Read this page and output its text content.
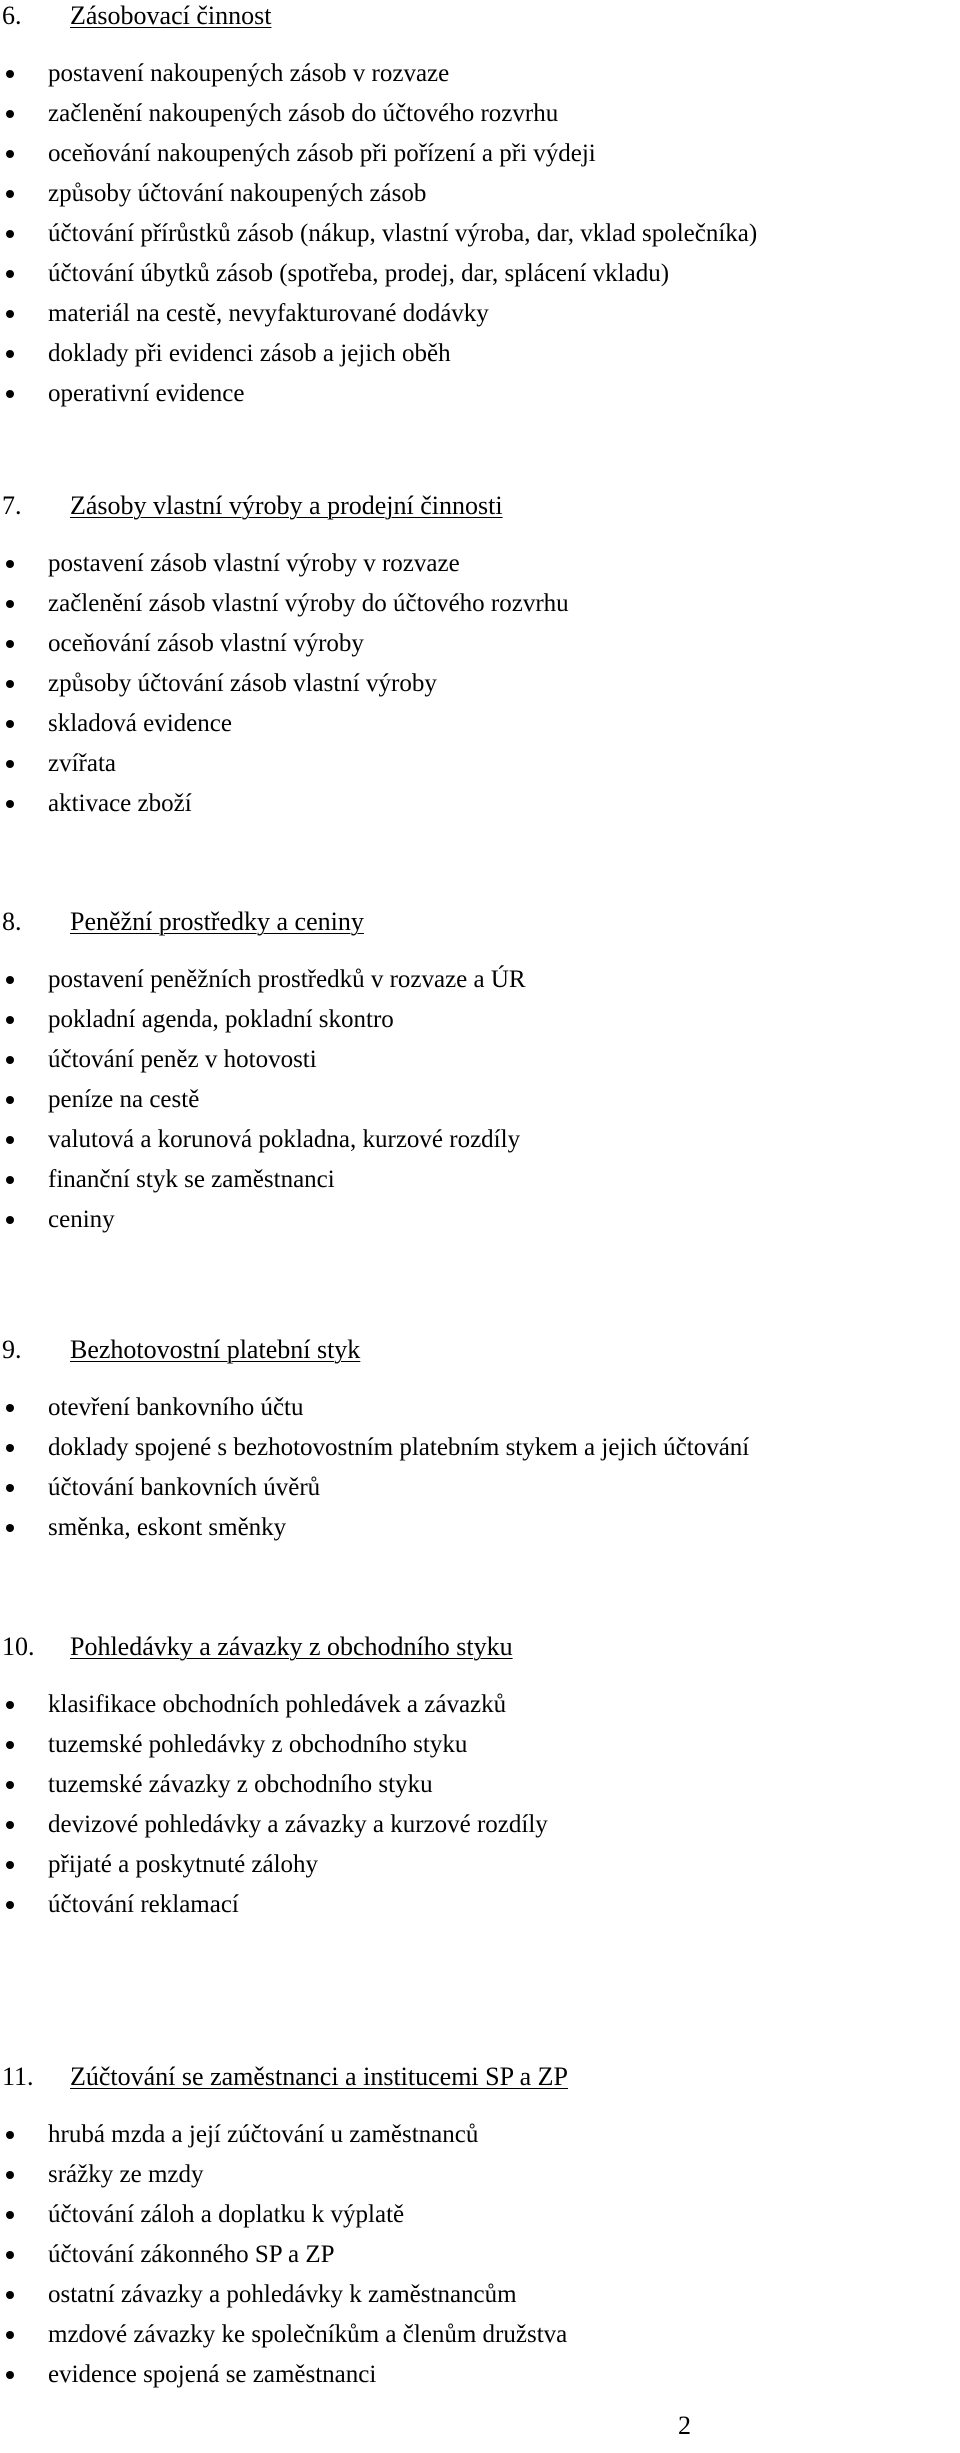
6. Zásobovací činnost
postavení nakoupených zásob v rozvaze
začlenění nakoupených zásob do účtového rozvrhu
oceňování nakoupených zásob při pořízení a při výdeji
způsoby účtování nakoupených zásob
účtování přírůstků zásob (nákup, vlastní výroba, dar, vklad společníka)
účtování úbytků zásob (spotřeba, prodej, dar, splácení vkladu)
materiál na cestě, nevyfakturované dodávky
doklady při evidenci zásob a jejich oběh
operativní evidence
7. Zásoby vlastní výroby a prodejní činnosti
postavení zásob vlastní výroby v rozvaze
začlenění zásob vlastní výroby do účtového rozvrhu
oceňování zásob vlastní výroby
způsoby účtování zásob vlastní výroby
skladová evidence
zvířata
aktivace zboží
8. Peněžní prostředky a ceniny
postavení peněžních prostředků v rozvaze a ÚR
pokladní agenda, pokladní skontro
účtování peněz v hotovosti
peníze na cestě
valutová a korunová pokladna, kurzové rozdíly
finanční styk se zaměstnanci
ceniny
9. Bezhotovostní platební styk
otevření bankovního účtu
doklady spojené s bezhotovostním platebním stykem a jejich účtování
účtování bankovních úvěrů
směnka, eskont směnky
10. Pohledávky a závazky z obchodního styku
klasifikace obchodních pohledávek a závazků
tuzemské pohledávky z obchodního styku
tuzemské závazky z obchodního styku
devizové pohledávky a závazky a kurzové rozdíly
přijaté a poskytnuté zálohy
účtování reklamací
11. Zúčtování se zaměstnanci a institucemi SP a ZP
hrubá mzda a její zúčtování u zaměstnanců
srážky ze mzdy
účtování záloh a doplatku k výplatě
účtování zákonného SP a ZP
ostatní závazky a pohledávky k zaměstnancům
mzdové závazky ke společníkům a členům družstva
evidence spojená se zaměstnanci
2
